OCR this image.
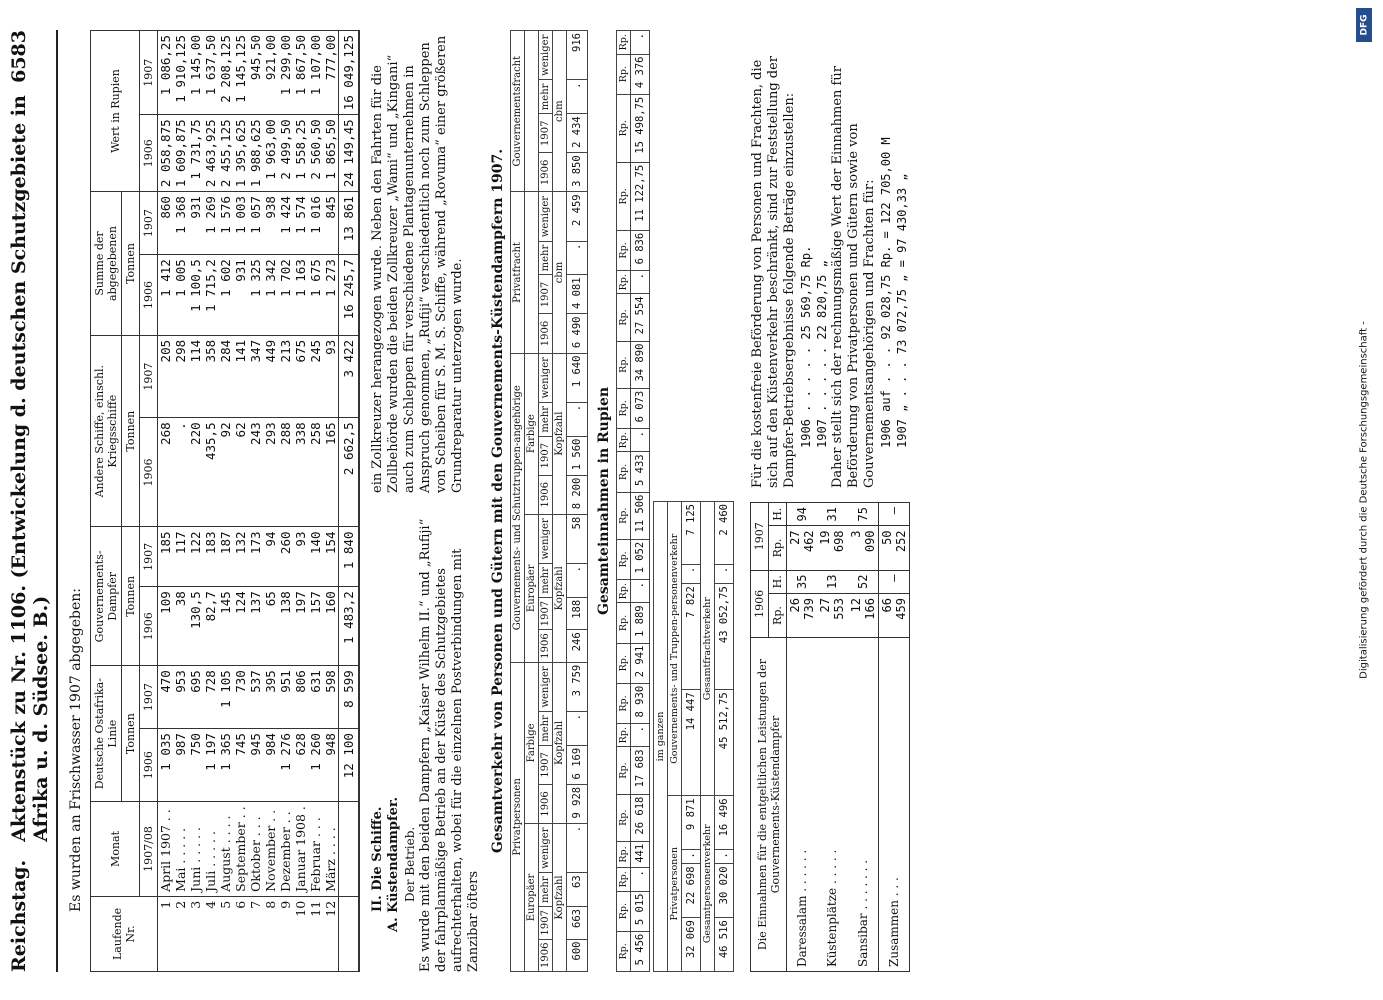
Reichstag.
Aktenstück zu Nr. 1106. (Entwickelung d. deutschen Schutzgebiete in Afrika u. d. Südsee. B.)
6583
Es wurden an Frischwasser 1907 abgegeben:
Laufende Nr.	Monat	Deutsche Ostafrika-Linie		Gouvernements-Dampfer		Andere Schiffe, einschl. Kriegsschiffe		Summe der abgegebenen		Wert in Rupien	
		Tonnen		Tonnen		Tonnen		Tonnen			
	1907/08	1906	1907	1906	1907	1906	1907	1906	1907	1906	1907
1	April 1907 . .	1 035	470	109	185	268	205	1 412	860	2 058,875	1 086,25
2	Mai . . . . .	987	953	38	117	.	298	1 005	1 368	1 609,875	1 910,125
3	Juni . . . . .	750	695	130,5	122	220	114	1 100,5	931	1 731,75	1 145,00
4	Juli . . . . .	1 197	728	82,7	183	435,5	358	1 715,2	1 269	2 463,925	1 637,50
5	August . . . .	1 365	1 105	145	187	92	284	1 602	1 576	2 455,125	2 208,125
6	September . .	745	730	124	132	62	141	931	1 003	1 395,625	1 145,125
7	Oktober . . .	945	537	137	173	243	347	1 325	1 057	1 988,625	945,50
8	November . .	984	395	65	94	293	449	1 342	938	1 963,00	921,00
9	Dezember . .	1 276	951	138	260	288	213	1 702	1 424	2 499,50	1 299,00
10	Januar 1908 .	628	806	197	93	338	675	1 163	1 574	1 558,25	1 867,50
11	Februar . . .	1 260	631	157	140	258	245	1 675	1 016	2 560,50	1 107,00
12	März . . . .	948	598	160	154	165	93	1 273	845	1 865,50	777,00
		12 100	8 599	1 483,2	1 840	2 662,5	3 422	16 245,7	13 861	24 149,45	16 049,125
II. Die Schiffe. A. Küstendampfer. Der Betrieb. Es wurde mit den beiden Dampfern „Kaiser Wilhelm II.“ und „Rufiji“ der fahrplanmäßige Betrieb an der Küste des Schutzgebietes aufrechterhalten, wobei für die einzelnen Postverbindungen mit Zanzibar öfters
ein Zollkreuzer herangezogen wurde. Neben den Fahrten für die Zollbehörde wurden die beiden Zollkreuzer „Wami“ und „Kingani“ auch zum Schleppen für verschiedene Plantagenunternehmen in Anspruch genommen, „Rufiji“ verschiedentlich noch zum Schleppen von Scheiben für S. M. S. Schiffe, während „Rovuma“ einer größeren Grundreparatur unterzogen wurde. Gesamtverkehr von Personen und Gütern mit den Gouvernements-Küstendampfern 1907. Privatpersonen								Gouvernements- und Schutztruppen-angehörige								Privatfracht				Gouvernementsfracht			
Europäer				Farbige				Europäer				Farbige											
1906	1907	mehr	weniger	1906	1907	mehr	weniger	1906	1907	mehr	weniger	1906	1907	mehr	weniger	1906	1907	mehr	weniger	1906	1907	mehr	weniger
Kopfzahl				Kopfzahl				Kopfzahl				Kopfzahl				cbm				cbm			
600	663	63	.	9 928	6 169	.	3 759	246	188	.	58	8 200	1 560	.	1 640	6 490	4 081	.	2 459	3 850	2 434	.	916
Gesamteinnahmen in Rupien
Rp.	Rp.	Rp.	Rp.	Rp.	Rp.	Rp.	Rp.	Rp.	Rp.	Rp.	Rp.	Rp.	Rp.	Rp.	Rp.	Rp.	Rp.	Rp.	Rp.	Rp.	Rp.	Rp.	Rp.
5 456	5 015	.	441	26 618	17 683	.	8 930	2 941	1 889	.	1 052	11 506	5 433	.	6 073	34 890	27 554	.	6 836	11 122,75	15 498,75	4 376	.
im ganzen							
Privatpersonen				Gouvernements- und Truppen-personenverkehr			
32 069	22 698	.	9 871	14 447	7 822	.	7 125
Gesamtpersonenverkehr				Gesamtfrachtverkehr			
46 516	30 020	.	16 496	45 512,75	43 052,75	.	2 460
Die Einnahmen für die entgeltlichen Leistungen der Gouvernements-Küstendampfer	1906		1907	
	Rp.	H.	Rp.	H.
Daressalam . . . . . .	26 739	35	27 462	94
Küstenplätze . . . . .	27 553	13	19 698	31
Sansibar . . . . . . .	12 166	52	3 090	75
Zusammen . . .	66 459	—	50 252	—
Für die kostenfreie Beförderung von Personen und Frachten, die sich auf den Küstenverkehr beschränkt, sind zur Feststellung der Dampfer-Betriebsergebnisse folgende Beträge einzustellen: 1906 . . . . . 25 569,75 Rp. 1907 . . . . . 22 820,75 „ Daher stellt sich der rechnungsmäßige Wert der Einnahmen für Beförderung von Privatpersonen und Gütern sowie von Gouvernementsangehörigen und Frachten für: 1906 auf . . . 92 028,75 Rp. = 122 705,00 M 1907 „ . . . 73 072,75 „ = 97 430,33 „
DFG
Digitalisierung gefördert durch die Deutsche Forschungsgemeinschaft -
